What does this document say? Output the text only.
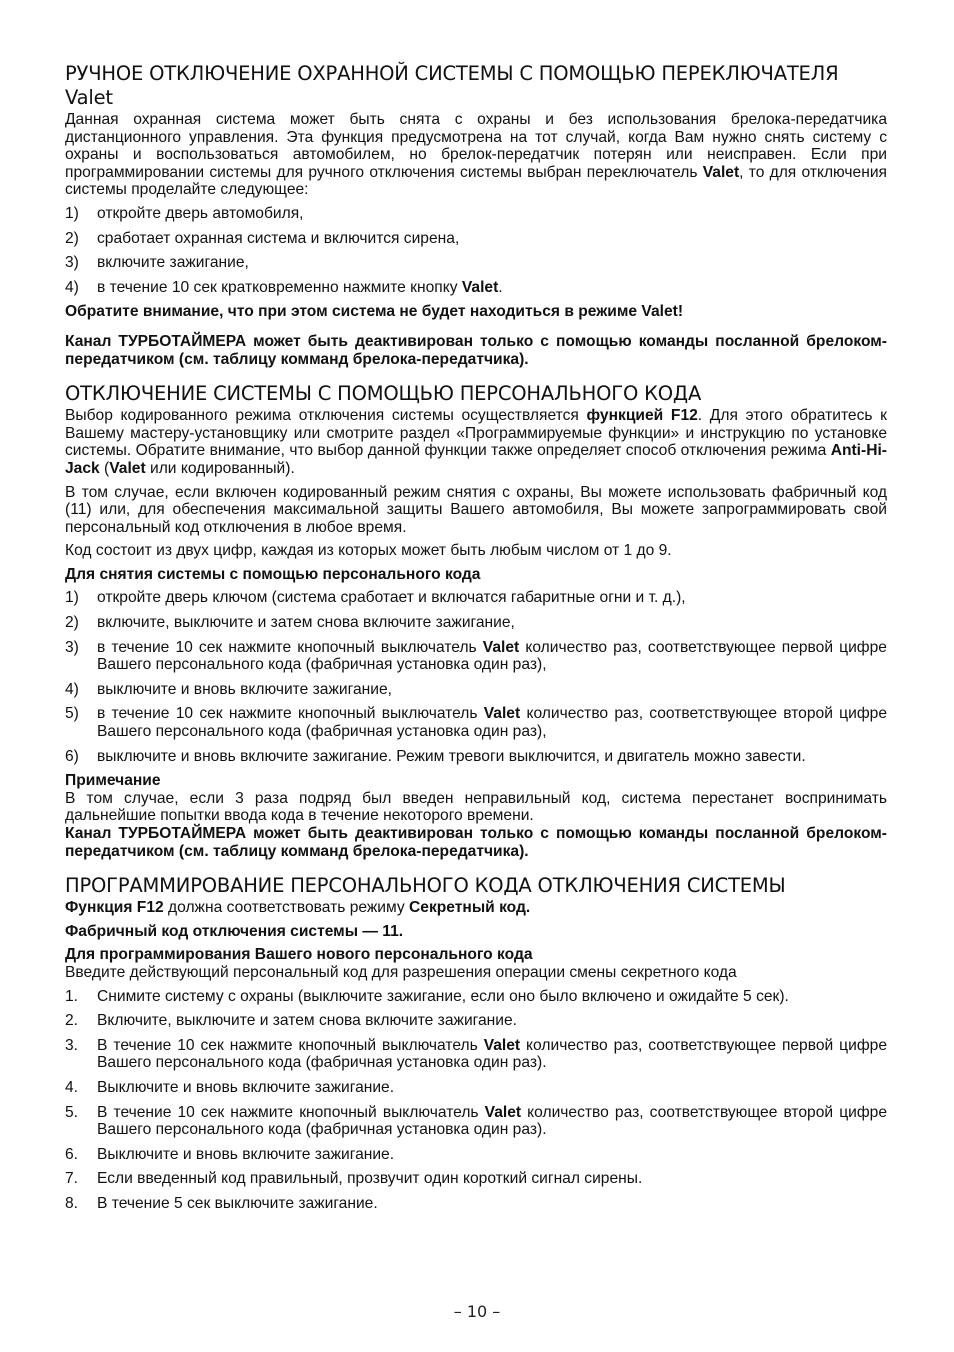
РУЧНОЕ ОТКЛЮЧЕНИЕ ОХРАННОЙ СИСТЕМЫ С ПОМОЩЬЮ ПЕРЕКЛЮЧАТЕЛЯ Valet

Данная охранная система может быть снята с охраны и без использования брелока-передатчика дистанционного управления. Эта функция предусмотрена на тот случай, когда Вам нужно снять систему с охраны и воспользоваться автомобилем, но брелок-передатчик потерян или неисправен. Если при программировании системы для ручного отключения системы выбран переключатель Valet, то для отключения системы проделайте следующее:

1)	откройте дверь автомобиля,
2)	сработает охранная система и включится сирена,
3)	включите зажигание,
4)	в течение 10 сек кратковременно нажмите кнопку Valet.

Обратите внимание, что при этом система не будет находиться в режиме Valet!

Канал ТУРБОТАЙМЕРА может быть деактивирован только с помощью команды посланной брелоком-передатчиком (см. таблицу комманд брелока-передатчика).

ОТКЛЮЧЕНИЕ СИСТЕМЫ С ПОМОЩЬЮ ПЕРСОНАЛЬНОГО КОДА

Выбор кодированного режима отключения системы осуществляется функцией F12. Для этого обратитесь к Вашему мастеру-установщику или смотрите раздел «Программируемые функции» и инструкцию по установке системы. Обратите внимание, что выбор данной функции также определяет способ отключения режима Anti-Hi-Jack (Valet или кодированный).

В том случае, если включен кодированный режим снятия с охраны, Вы можете использовать фабричный код (11) или, для обеспечения максимальной защиты Вашего автомобиля, Вы можете запрограммировать свой персональный код отключения в любое время.

Код состоит из двух цифр, каждая из которых может быть любым числом от 1 до 9.

Для снятия системы с помощью персонального кода

1)	откройте дверь ключом (система сработает и включатся габаритные огни и т. д.),
2)	включите, выключите и затем снова включите зажигание,
3)	в течение 10 сек нажмите кнопочный выключатель Valet количество раз, соответствующее первой цифре Вашего персонального кода (фабричная установка один раз),
4)	выключите и вновь включите зажигание,
5)	в течение 10 сек нажмите кнопочный выключатель Valet количество раз, соответствующее второй цифре Вашего персонального кода (фабричная установка один раз),
6)	выключите и вновь включите зажигание. Режим тревоги выключится, и двигатель можно завести.

Примечание

В том случае, если 3 раза подряд был введен неправильный код, система перестанет воспринимать дальнейшие попытки ввода кода в течение некоторого времени.

Канал ТУРБОТАЙМЕРА может быть деактивирован только с помощью команды посланной брелоком-передатчиком (см. таблицу комманд брелока-передатчика).

ПРОГРАММИРОВАНИЕ ПЕРСОНАЛЬНОГО КОДА ОТКЛЮЧЕНИЯ СИСТЕМЫ

Функция F12 должна соответствовать режиму Секретный код.

Фабричный код отключения системы — 11.

Для программирования Вашего нового персонального кода

Введите действующий персональный код для разрешения операции смены секретного кода

1.	Снимите систему с охраны (выключите зажигание, если оно было включено и ожидайте 5 сек).
2.	Включите, выключите и затем снова включите зажигание.
3.	В течение 10 сек нажмите кнопочный выключатель Valet количество раз, соответствующее первой цифре Вашего персонального кода (фабричная установка один раз).
4.	Выключите и вновь включите зажигание.
5.	В течение 10 сек нажмите кнопочный выключатель Valet количество раз, соответствующее второй цифре Вашего персонального кода (фабричная установка один раз).
6.	Выключите и вновь включите зажигание.
7.	Если введенный код правильный, прозвучит один короткий сигнал сирены.
8.	В течение 5 сек выключите зажигание.
– 10 –
